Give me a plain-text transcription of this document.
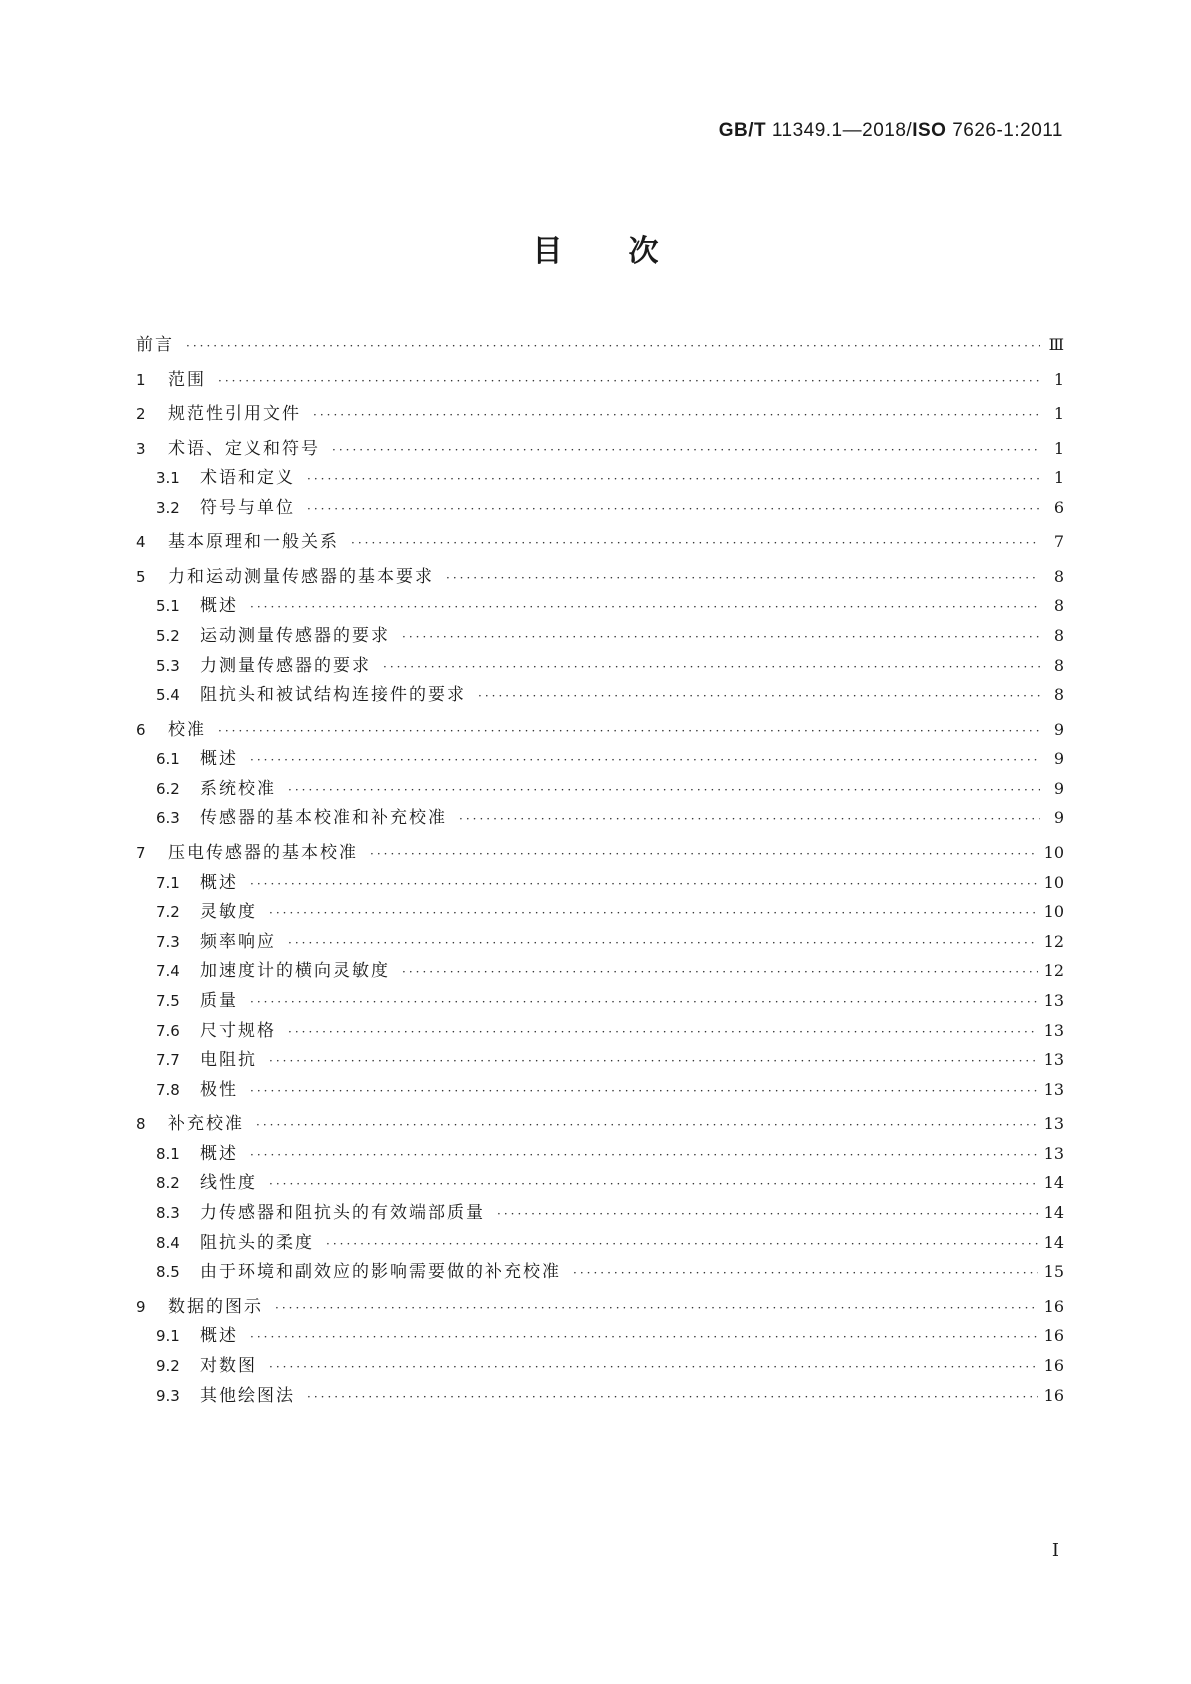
GB/T 11349.1—2018/ISO 7626-1:2011
目次
前言 ·····	Ⅲ
1	范围 ·····	1
2	规范性引用文件 ·····	1
3	术语、定义和符号 ·····	1
3.1	术语和定义 ·····	1
3.2	符号与单位 ·····	6
4	基本原理和一般关系 ·····	7
5	力和运动测量传感器的基本要求 ·····	8
5.1	概述 ·····	8
5.2	运动测量传感器的要求 ·····	8
5.3	力测量传感器的要求 ·····	8
5.4	阻抗头和被试结构连接件的要求 ·····	8
6	校准 ·····	9
6.1	概述 ·····	9
6.2	系统校准 ·····	9
6.3	传感器的基本校准和补充校准 ·····	9
7	压电传感器的基本校准 ·····	10
7.1	概述 ·····	10
7.2	灵敏度 ·····	10
7.3	频率响应 ·····	12
7.4	加速度计的横向灵敏度 ·····	12
7.5	质量 ·····	13
7.6	尺寸规格 ·····	13
7.7	电阻抗 ·····	13
7.8	极性 ·····	13
8	补充校准 ·····	13
8.1	概述 ·····	13
8.2	线性度 ·····	14
8.3	力传感器和阻抗头的有效端部质量 ·····	14
8.4	阻抗头的柔度 ·····	14
8.5	由于环境和副效应的影响需要做的补充校准 ·····	15
9	数据的图示 ·····	16
9.1	概述 ·····	16
9.2	对数图 ·····	16
9.3	其他绘图法 ·····	16
I
